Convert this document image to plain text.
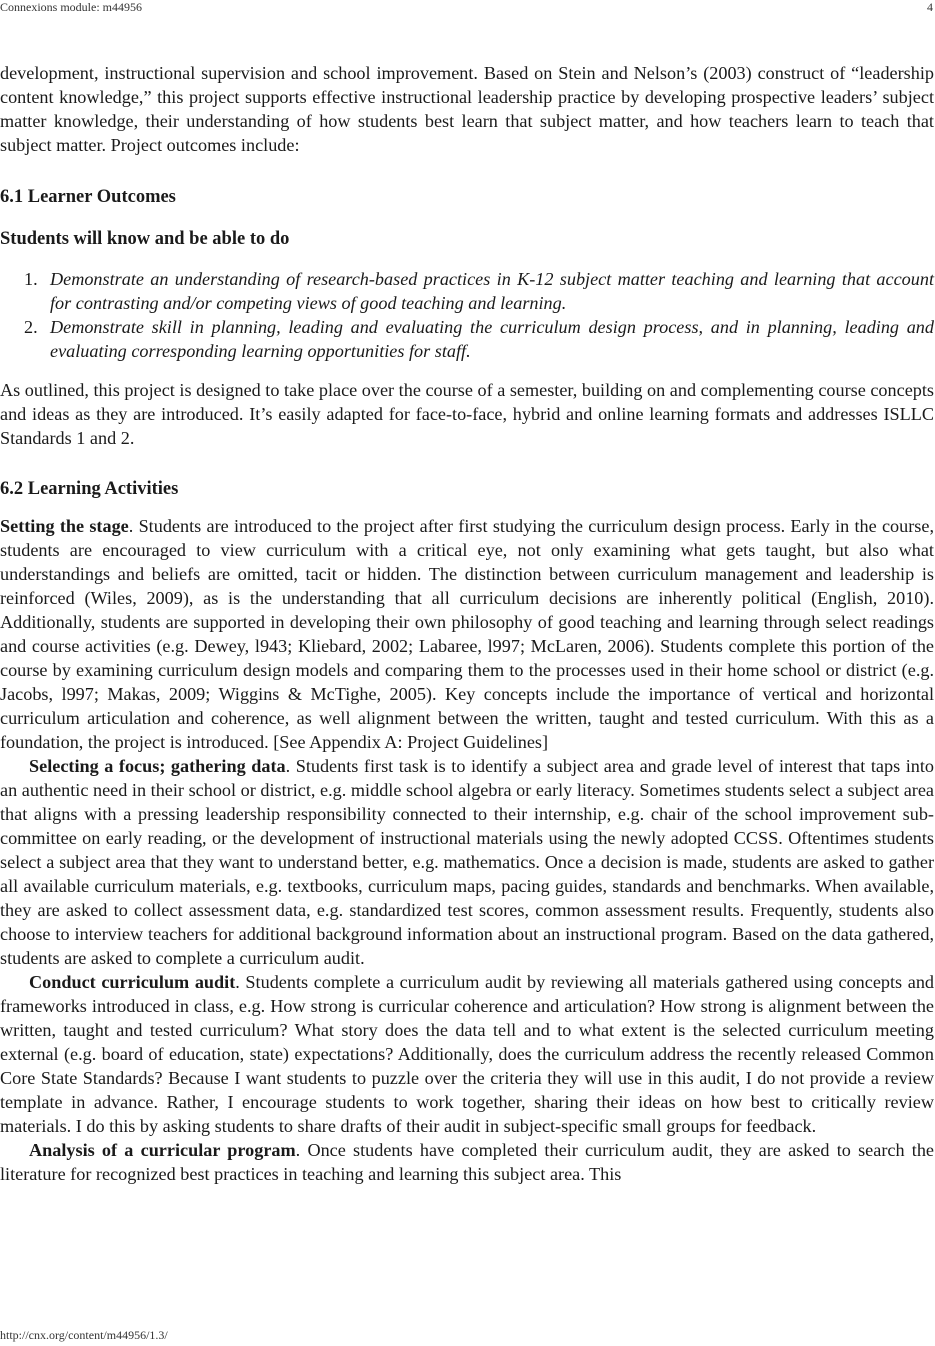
Connexions module: m44956	4

development, instructional supervision and school improvement. Based on Stein and Nelson’s (2003) construct of “leadership content knowledge,” this project supports effective instructional leadership practice by developing prospective leaders’ subject matter knowledge, their understanding of how students best learn that subject matter, and how teachers learn to teach that subject matter. Project outcomes include:

6.1 Learner Outcomes
Students will know and be able to do
1. Demonstrate an understanding of research-based practices in K-12 subject matter teaching and learning that account for contrasting and/or competing views of good teaching and learning.
2. Demonstrate skill in planning, leading and evaluating the curriculum design process, and in planning, leading and evaluating corresponding learning opportunities for staff.

As outlined, this project is designed to take place over the course of a semester, building on and complementing course concepts and ideas as they are introduced. It’s easily adapted for face-to-face, hybrid and online learning formats and addresses ISLLC Standards 1 and 2.

6.2 Learning Activities

Setting the stage. Students are introduced to the project after first studying the curriculum design process. Early in the course, students are encouraged to view curriculum with a critical eye, not only examining what gets taught, but also what understandings and beliefs are omitted, tacit or hidden. The distinction between curriculum management and leadership is reinforced (Wiles, 2009), as is the understanding that all curriculum decisions are inherently political (English, 2010). Additionally, students are supported in developing their own philosophy of good teaching and learning through select readings and course activities (e.g. Dewey, l943; Kliebard, 2002; Labaree, l997; McLaren, 2006). Students complete this portion of the course by examining curriculum design models and comparing them to the processes used in their home school or district (e.g. Jacobs, l997; Makas, 2009; Wiggins & McTighe, 2005). Key concepts include the importance of vertical and horizontal curriculum articulation and coherence, as well alignment between the written, taught and tested curriculum. With this as a foundation, the project is introduced. [See Appendix A: Project Guidelines]

Selecting a focus; gathering data. Students first task is to identify a subject area and grade level of interest that taps into an authentic need in their school or district, e.g. middle school algebra or early literacy. Sometimes students select a subject area that aligns with a pressing leadership responsibility connected to their internship, e.g. chair of the school improvement sub-committee on early reading, or the development of instructional materials using the newly adopted CCSS. Oftentimes students select a subject area that they want to understand better, e.g. mathematics. Once a decision is made, students are asked to gather all available curriculum materials, e.g. textbooks, curriculum maps, pacing guides, standards and benchmarks. When available, they are asked to collect assessment data, e.g. standardized test scores, common assessment results. Frequently, students also choose to interview teachers for additional background information about an instructional program. Based on the data gathered, students are asked to complete a curriculum audit.

Conduct curriculum audit. Students complete a curriculum audit by reviewing all materials gathered using concepts and frameworks introduced in class, e.g. How strong is curricular coherence and articulation? How strong is alignment between the written, taught and tested curriculum? What story does the data tell and to what extent is the selected curriculum meeting external (e.g. board of education, state) expectations? Additionally, does the curriculum address the recently released Common Core State Standards? Because I want students to puzzle over the criteria they will use in this audit, I do not provide a review template in advance. Rather, I encourage students to work together, sharing their ideas on how best to critically review materials. I do this by asking students to share drafts of their audit in subject-specific small groups for feedback.

Analysis of a curricular program. Once students have completed their curriculum audit, they are asked to search the literature for recognized best practices in teaching and learning this subject area. This

http://cnx.org/content/m44956/1.3/
